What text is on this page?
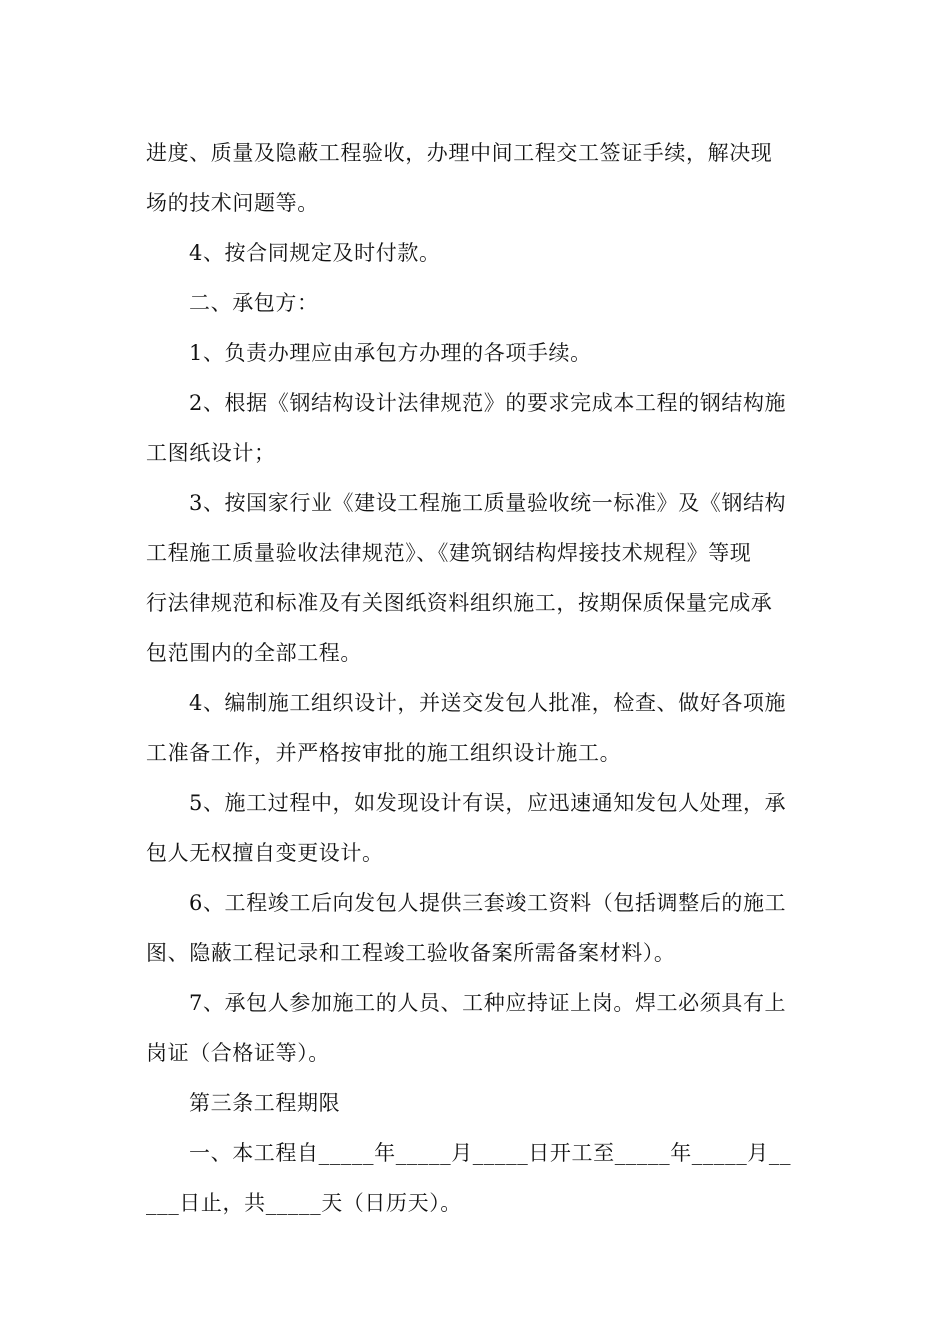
进度、质量及隐蔽工程验收，办理中间工程交工签证手续，解决现
场的技术问题等。
4、按合同规定及时付款。
二、承包方：
1、负责办理应由承包方办理的各项手续。
2、根据《钢结构设计法律规范》的要求完成本工程的钢结构施
工图纸设计；
3、按国家行业《建设工程施工质量验收统一标准》及《钢结构
工程施工质量验收法律规范》、《建筑钢结构焊接技术规程》等现
行法律规范和标准及有关图纸资料组织施工，按期保质保量完成承
包范围内的全部工程。
4、编制施工组织设计，并送交发包人批准，检查、做好各项施
工准备工作，并严格按审批的施工组织设计施工。
5、施工过程中，如发现设计有误，应迅速通知发包人处理，承
包人无权擅自变更设计。
6、工程竣工后向发包人提供三套竣工资料（包括调整后的施工
图、隐蔽工程记录和工程竣工验收备案所需备案材料）。
7、承包人参加施工的人员、工种应持证上岗。焊工必须具有上
岗证（合格证等）。
第三条工程期限
一、本工程自_____年_____月_____日开工至_____年_____月__
___日止，共_____天（日历天）。
